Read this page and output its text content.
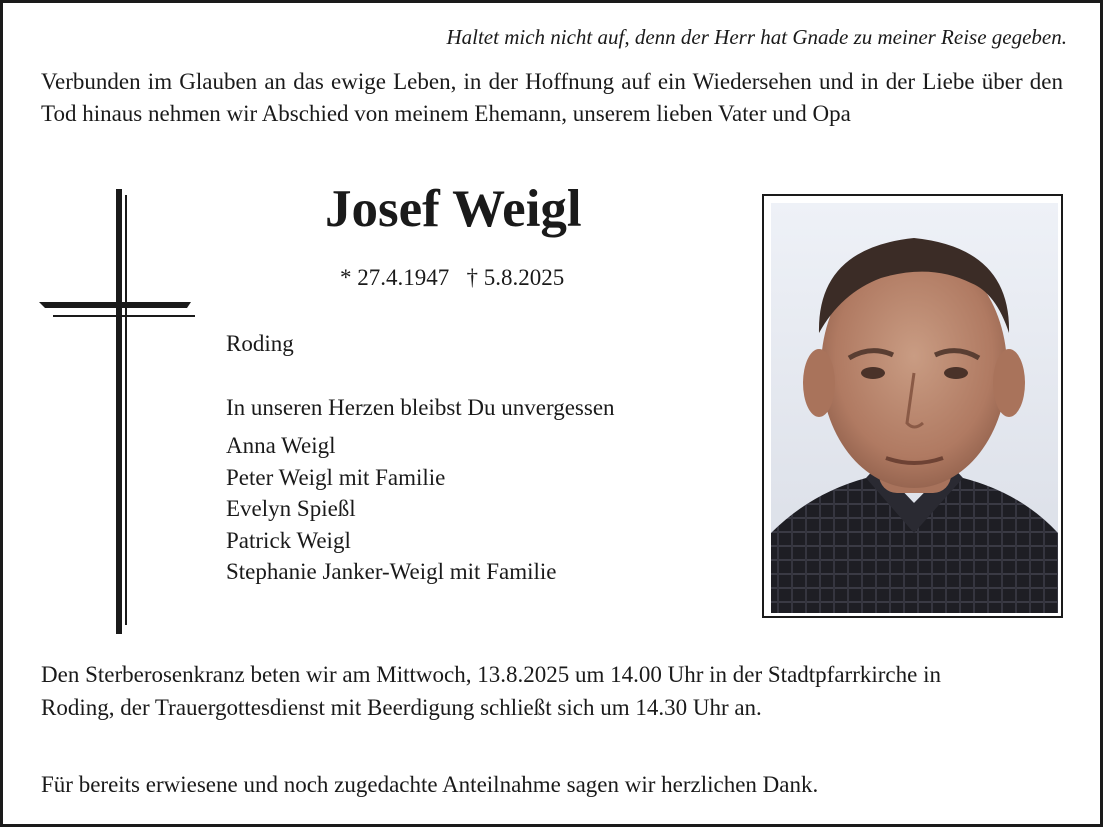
Haltet mich nicht auf, denn der Herr hat Gnade zu meiner Reise gegeben.
Verbunden im Glauben an das ewige Leben, in der Hoffnung auf ein Wiedersehen und in der Liebe über den Tod hinaus nehmen wir Abschied von meinem Ehemann, unserem lieben Vater und Opa
Josef Weigl
* 27.4.1947   † 5.8.2025
Roding
In unseren Herzen bleibst Du unvergessen
Anna Weigl
Peter Weigl mit Familie
Evelyn Spießl
Patrick Weigl
Stephanie Janker-Weigl mit Familie
Den Sterberosenkranz beten wir am Mittwoch, 13.8.2025 um 14.00 Uhr in der Stadtpfarrkirche in Roding, der Trauergottesdienst mit Beerdigung schließt sich um 14.30 Uhr an.
Für bereits erwiesene und noch zugedachte Anteilnahme sagen wir herzlichen Dank.
